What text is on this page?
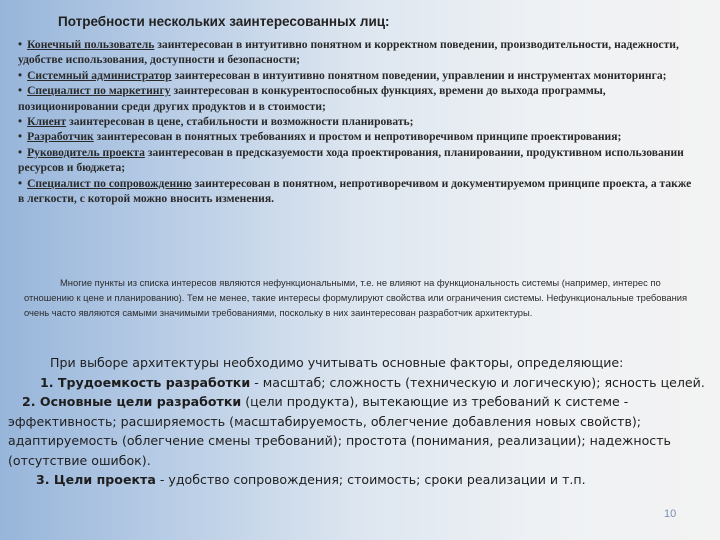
Потребности нескольких заинтересованных лиц:
• Конечный пользователь заинтересован в интуитивно понятном и корректном поведении, производительности, надежности, удобстве использования, доступности и безопасности;
• Системный администратор заинтересован в интуитивно понятном поведении, управлении и инструментах мониторинга;
• Специалист по маркетингу заинтересован в конкурентоспособных функциях, времени до выхода программы, позиционировании среди других продуктов и в стоимости;
• Клиент заинтересован в цене, стабильности и возможности планировать;
• Разработчик заинтересован в понятных требованиях и простом и непротиворечивом принципе проектирования;
• Руководитель проекта заинтересован в предсказуемости хода проектирования, планировании, продуктивном использовании ресурсов и бюджета;
• Специалист по сопровождению заинтересован в понятном, непротиворечивом и документируемом принципе проекта, а также в легкости, с которой можно вносить изменения.

Многие пункты из списка интересов являются нефункциональными, т.е. не влияют на функциональность системы (например, интерес по отношению к цене и планированию). Тем не менее, такие интересы формулируют свойства или ограничения системы. Нефункциональные требования очень часто являются самыми значимыми требованиями, поскольку в них заинтересован разработчик архитектуры.

При выборе архитектуры необходимо учитывать основные факторы, определяющие:
1. Трудоемкость разработки - масштаб; сложность (техническую и логическую); ясность целей.
2. Основные цели разработки (цели продукта), вытекающие из требований к системе -
эффективность; расширяемость (масштабируемость, облегчение добавления новых свойств);
адаптируемость (облегчение смены требований); простота (понимания, реализации); надежность
(отсутствие ошибок).
3. Цели проекта - удобство сопровождения; стоимость; сроки реализации и т.п.
10
